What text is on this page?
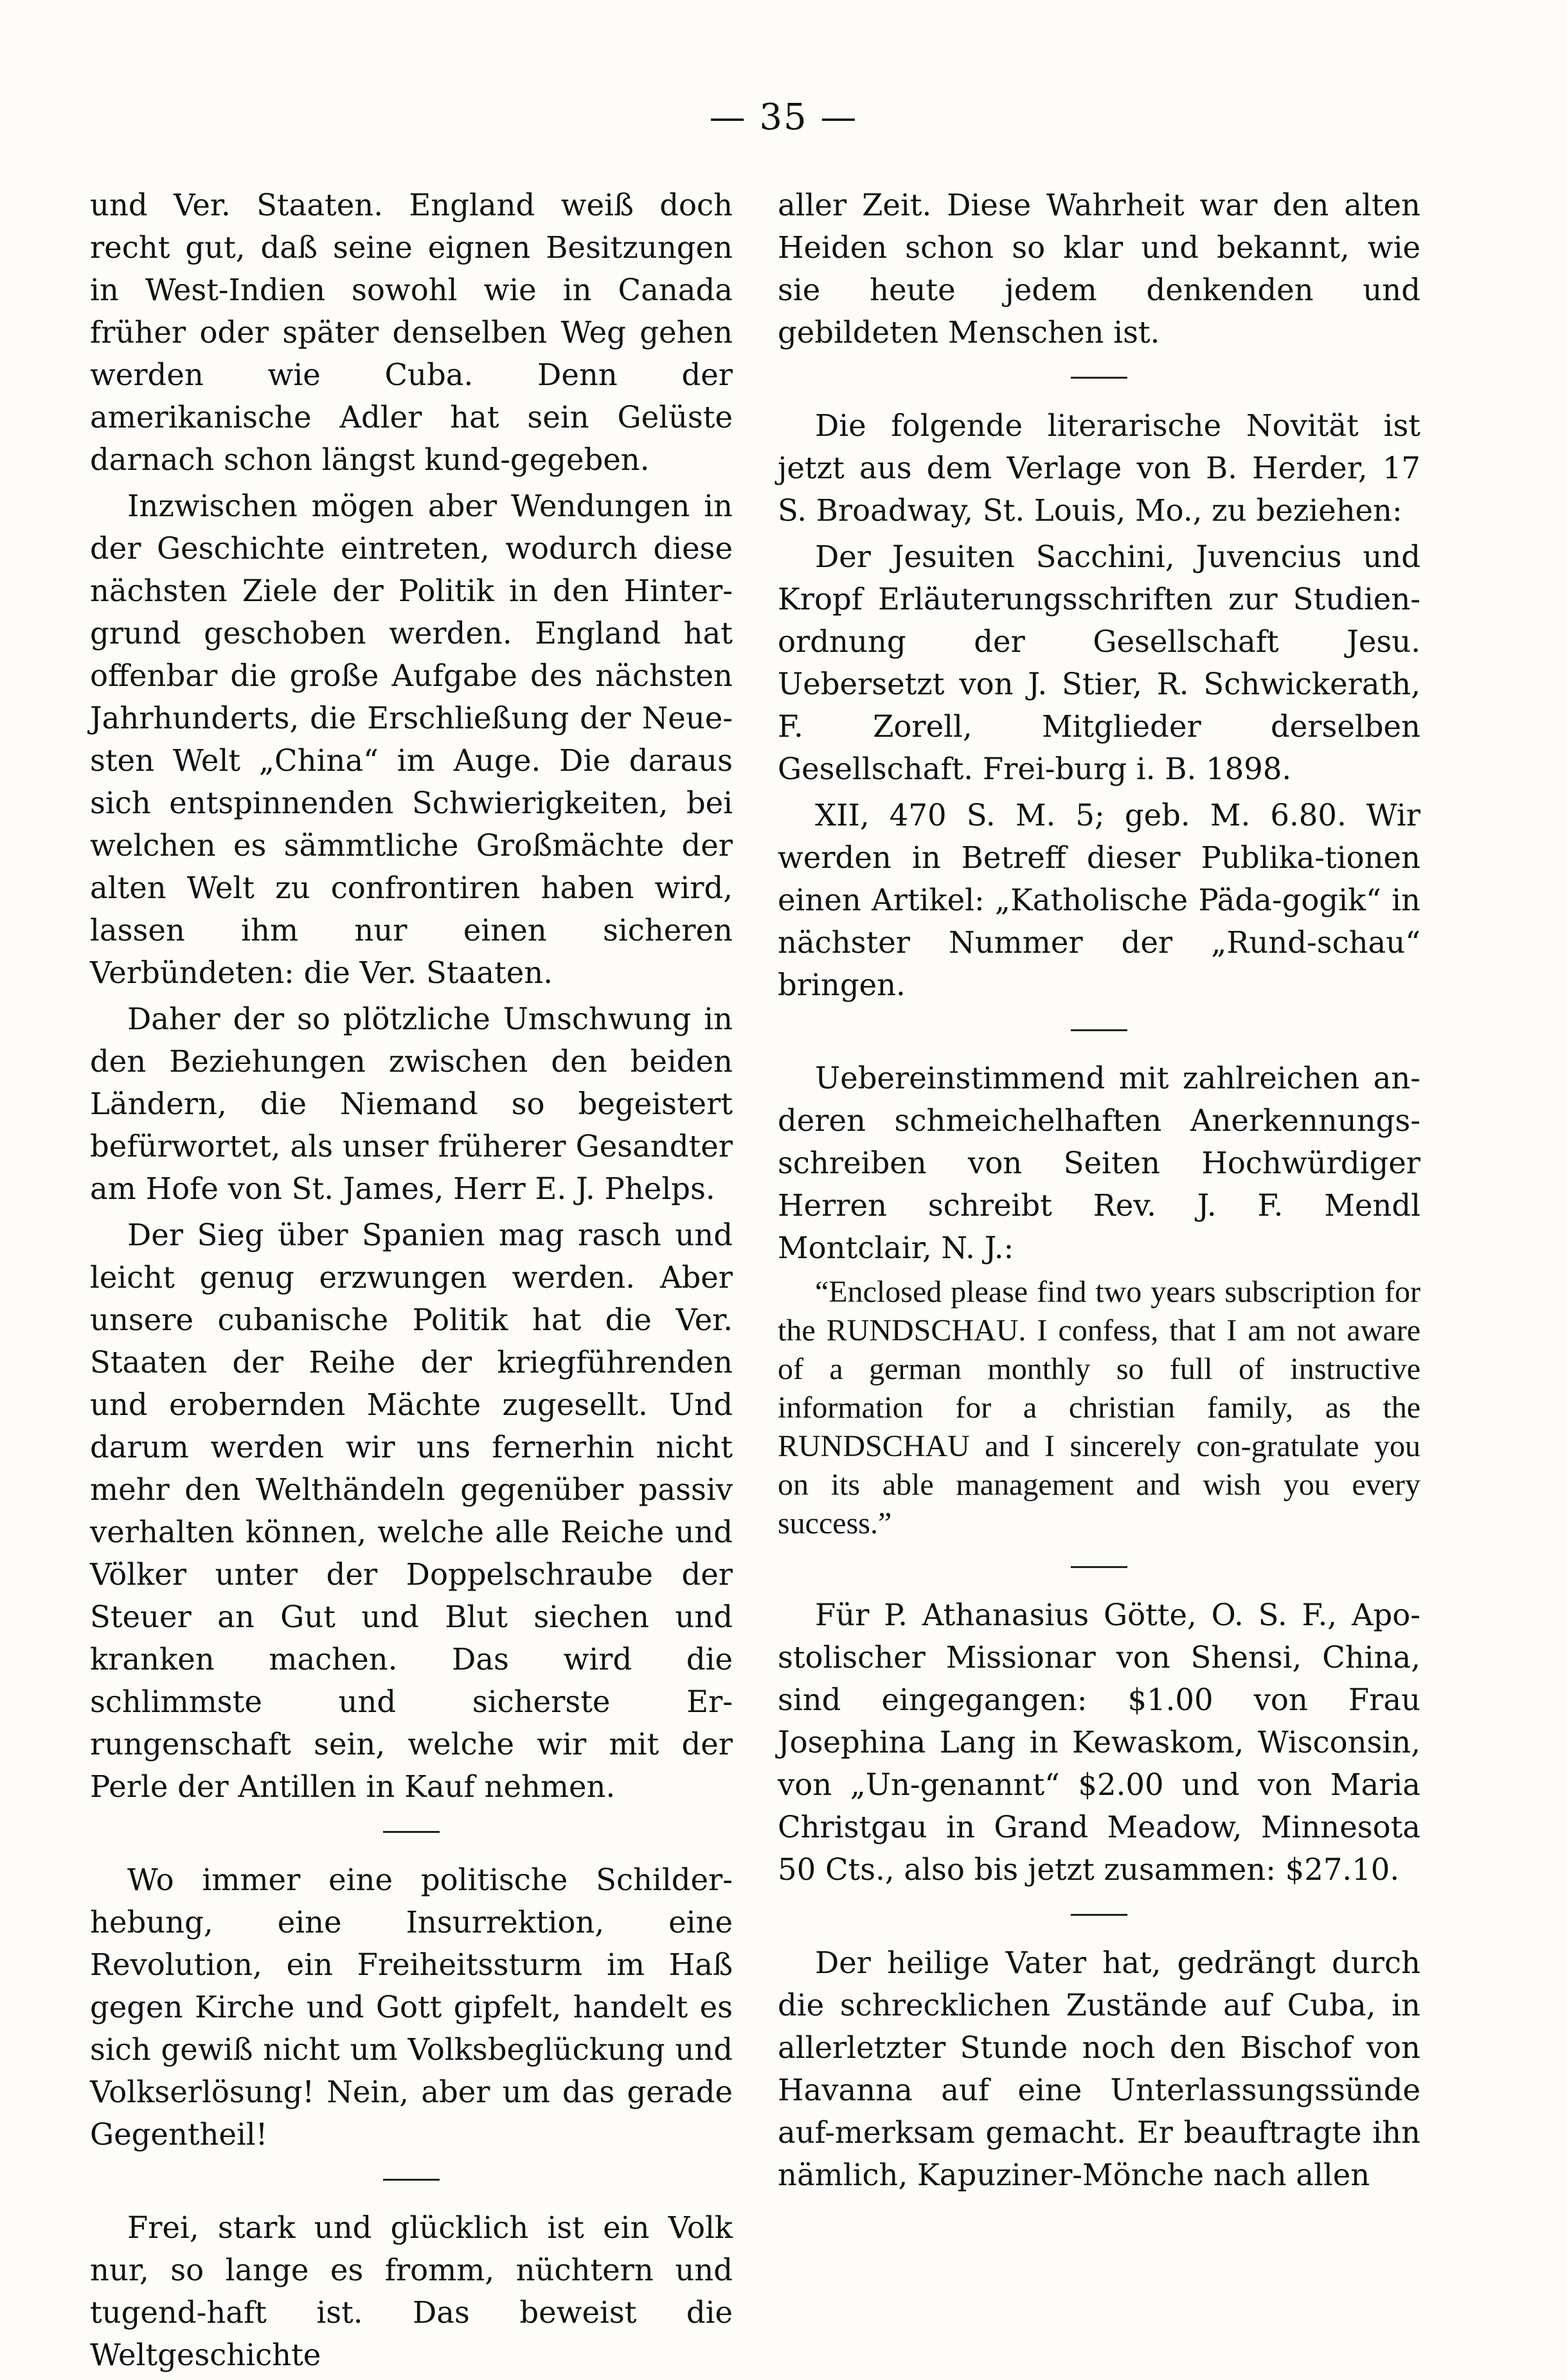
— 35 —

und Ver. Staaten. England weiß doch recht gut, daß seine eignen Besitzungen in West-Indien sowohl wie in Canada früher oder später denselben Weg gehen werden wie Cuba. Denn der amerikanische Adler hat sein Gelüste darnach schon längst kund-gegeben.

Inzwischen mögen aber Wendungen in der Geschichte eintreten, wodurch diese nächsten Ziele der Politik in den Hinter-grund geschoben werden. England hat offenbar die große Aufgabe des nächsten Jahrhunderts, die Erschließung der Neue-sten Welt „China“ im Auge. Die daraus sich entspinnenden Schwierigkeiten, bei welchen es sämmtliche Großmächte der alten Welt zu confrontiren haben wird, lassen ihm nur einen sicheren Verbündeten: die Ver. Staaten.

Daher der so plötzliche Umschwung in den Beziehungen zwischen den beiden Ländern, die Niemand so begeistert befürwortet, als unser früherer Gesandter am Hofe von St. James, Herr E. J. Phelps.

Der Sieg über Spanien mag rasch und leicht genug erzwungen werden. Aber unsere cubanische Politik hat die Ver. Staaten der Reihe der kriegführenden und erobernden Mächte zugesellt. Und darum werden wir uns fernerhin nicht mehr den Welthändeln gegenüber passiv verhalten können, welche alle Reiche und Völker unter der Doppelschraube der Steuer an Gut und Blut siechen und kranken machen. Das wird die schlimmste und sicherste Er-rungenschaft sein, welche wir mit der Perle der Antillen in Kauf nehmen.

Wo immer eine politische Schilder-hebung, eine Insurrektion, eine Revolution, ein Freiheitssturm im Haß gegen Kirche und Gott gipfelt, handelt es sich gewiß nicht um Volksbeglückung und Volkserlösung! Nein, aber um das gerade Gegentheil!

Frei, stark und glücklich ist ein Volk nur, so lange es fromm, nüchtern und tugend-haft ist. Das beweist die Weltgeschichte

aller Zeit. Diese Wahrheit war den alten Heiden schon so klar und bekannt, wie sie heute jedem denkenden und gebildeten Menschen ist.

Die folgende literarische Novität ist jetzt aus dem Verlage von B. Herder, 17 S. Broadway, St. Louis, Mo., zu beziehen:

Der Jesuiten Sacchini, Juvencius und Kropf Erläuterungsschriften zur Studien-ordnung der Gesellschaft Jesu. Uebersetzt von J. Stier, R. Schwickerath, F. Zorell, Mitglieder derselben Gesellschaft. Frei-burg i. B. 1898.

XII, 470 S. M. 5; geb. M. 6.80. Wir werden in Betreff dieser Publika-tionen einen Artikel: „Katholische Päda-gogik“ in nächster Nummer der „Rund-schau“ bringen.

Uebereinstimmend mit zahlreichen an-deren schmeichelhaften Anerkennungs-schreiben von Seiten Hochwürdiger Herren schreibt Rev. J. F. Mendl Montclair, N. J.:

“Enclosed please find two years subscription for the RUNDSCHAU. I confess, that I am not aware of a german monthly so full of instructive information for a christian family, as the RUNDSCHAU and I sincerely con-gratulate you on its able management and wish you every success.”

Für P. Athanasius Götte, O. S. F., Apo-stolischer Missionar von Shensi, China, sind eingegangen: $1.00 von Frau Josephina Lang in Kewaskom, Wisconsin, von „Un-genannt“ $2.00 und von Maria Christgau in Grand Meadow, Minnesota 50 Cts., also bis jetzt zusammen: $27.10.

Der heilige Vater hat, gedrängt durch die schrecklichen Zustände auf Cuba, in allerletzter Stunde noch den Bischof von Havanna auf eine Unterlassungssünde auf-merksam gemacht. Er beauftragte ihn nämlich, Kapuziner-Mönche nach allen
